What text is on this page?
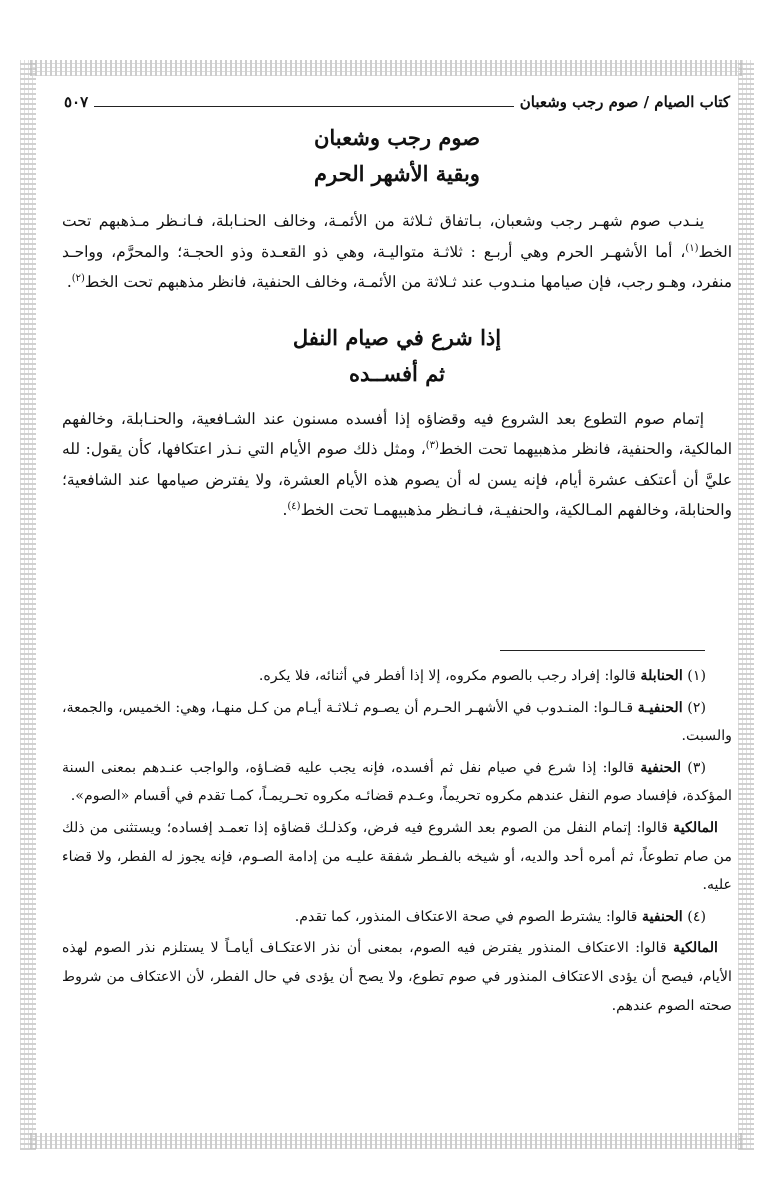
كتاب الصيام / صوم رجب وشعبان
٥٠٧

صوم رجب وشعبان

وبقية الأشهر الحرم

ينـدب صوم شهـر رجب وشعبان، بـاتفاق ثـلاثة من الأئمـة، وخالف الحنـابلة، فـانـظر مـذهبهم تحت الخط$^{(١)}$، أما الأشهـر الحرم وهي أربـع : ثلاثـة متواليـة، وهي ذو القعـدة وذو الحجـة؛ والمحرَّم، وواحـد منفرد، وهـو رجب، فإن صيامها منـدوب عند ثـلاثة من الأئمـة، وخالف الحنفية، فانظر مذهبهم تحت الخط$^{(٢)}$.

إذا شرع في صيام النفل

ثم أفســده

إتمام صوم التطوع بعد الشروع فيه وقضاؤه إذا أفسده مسنون عند الشـافعية، والحنـابلة، وخالفهم المالكية، والحنفية، فانظر مذهبيهما تحت الخط$^{(٣)}$، ومثل ذلك صوم الأيام التي نـذر اعتكافها، كأن يقول: لله عليَّ أن أعتكف عشرة أيام، فإنه يسن له أن يصوم هذه الأيام العشرة، ولا يفترض صيامها عند الشافعية؛ والحنابلة، وخالفهم المـالكية، والحنفيـة، فـانـظر مذهبيهمـا تحت الخط$^{(٤)}$.

(١) الحنابلة قالوا: إفراد رجب بالصوم مكروه، إلا إذا أفطر في أثنائه، فلا يكره.

(٢) الحنفيـة قـالـوا: المنـدوب في الأشهـر الحـرم أن يصـوم ثـلاثـة أيـام من كـل منهـا، وهي: الخميس، والجمعة، والسبت.

(٣) الحنفية قالوا: إذا شرع في صيام نفل ثم أفسده، فإنه يجب عليه قضـاؤه، والواجب عنـدهم بمعنى السنة المؤكدة، فإفساد صوم النفل عندهم مكروه تحريماً، وعـدم قضائـه مكروه تحـريمـاً، كمـا تقدم في أقسام «الصوم».

المالكية قالوا: إتمام النفل من الصوم بعد الشروع فيه فرض، وكذلـك قضاؤه إذا تعمـد إفساده؛ ويستثنى من ذلك من صام تطوعاً، ثم أمره أحد والديه، أو شيخه بالفـطر شفقة عليـه من إدامة الصـوم، فإنه يجوز له الفطر، ولا قضاء عليه.

(٤) الحنفية قالوا: يشترط الصوم في صحة الاعتكاف المنذور، كما تقدم.

المالكية قالوا: الاعتكاف المنذور يفترض فيه الصوم، بمعنى أن نذر الاعتكـاف أيامـاً لا يستلزم نذر الصوم لهذه الأيام، فيصح أن يؤدى الاعتكاف المنذور في صوم تطوع، ولا يصح أن يؤدى في حال الفطر، لأن الاعتكاف من شروط صحته الصوم عندهم.
